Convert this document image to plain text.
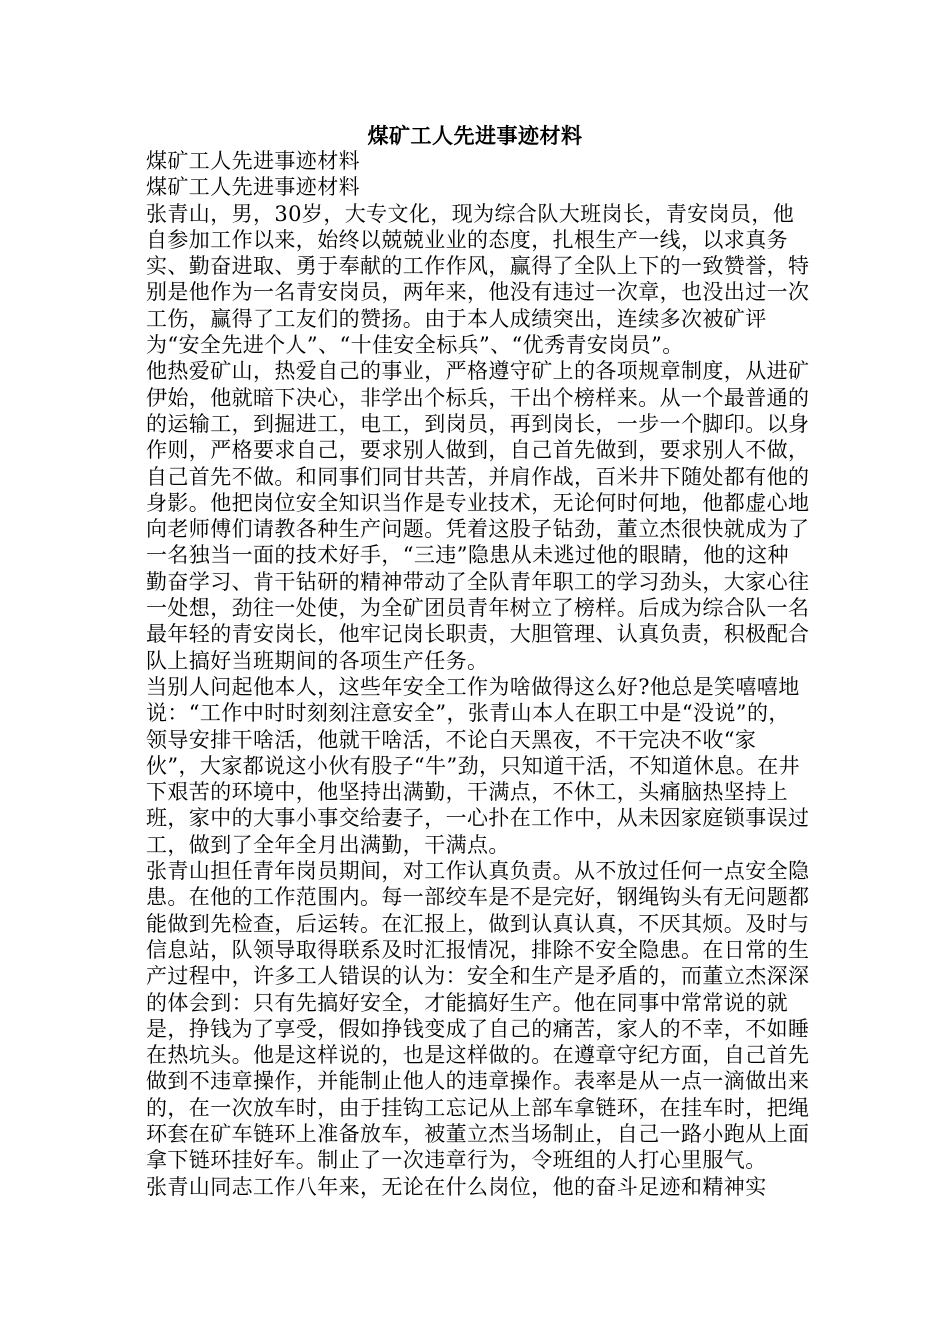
煤矿工人先进事迹材料

煤矿工人先进事迹材料

煤矿工人先进事迹材料

张青山，男，30岁，大专文化，现为综合队大班岗长，青安岗员，他自参加工作以来，始终以兢兢业业的态度，扎根生产一线，以求真务实、勤奋进取、勇于奉献的工作作风，赢得了全队上下的一致赞誉，特别是他作为一名青安岗员，两年来，他没有违过一次章，也没出过一次工伤，赢得了工友们的赞扬。由于本人成绩突出，连续多次被矿评为“安全先进个人”、“十佳安全标兵”、“优秀青安岗员”。

他热爱矿山，热爱自己的事业，严格遵守矿上的各项规章制度，从进矿伊始，他就暗下决心，非学出个标兵，干出个榜样来。从一个最普通的的运输工，到掘进工，电工，到岗员，再到岗长，一步一个脚印。以身作则，严格要求自己，要求别人做到，自己首先做到，要求别人不做，自己首先不做。和同事们同甘共苦，并肩作战，百米井下随处都有他的身影。他把岗位安全知识当作是专业技术，无论何时何地，他都虚心地向老师傅们请教各种生产问题。凭着这股子钻劲，董立杰很快就成为了一名独当一面的技术好手，“三违”隐患从未逃过他的眼睛，他的这种勤奋学习、肯干钻研的精神带动了全队青年职工的学习劲头，大家心往一处想，劲往一处使，为全矿团员青年树立了榜样。后成为综合队一名最年轻的青安岗长，他牢记岗长职责，大胆管理、认真负责，积极配合队上搞好当班期间的各项生产任务。

当别人问起他本人，这些年安全工作为啥做得这么好?他总是笑嘻嘻地说：“工作中时时刻刻注意安全”，张青山本人在职工中是“没说”的，领导安排干啥活，他就干啥活，不论白天黑夜，不干完决不收“家伙”，大家都说这小伙有股子“牛”劲，只知道干活，不知道休息。在井下艰苦的环境中，他坚持出满勤，干满点，不休工，头痛脑热坚持上班，家中的大事小事交给妻子，一心扑在工作中，从未因家庭锁事误过工，做到了全年全月出满勤，干满点。

张青山担任青年岗员期间，对工作认真负责。从不放过任何一点安全隐患。在他的工作范围内。每一部绞车是不是完好，钢绳钩头有无问题都能做到先检查，后运转。在汇报上，做到认真认真，不厌其烦。及时与信息站，队领导取得联系及时汇报情况，排除不安全隐患。在日常的生产过程中，许多工人错误的认为：安全和生产是矛盾的，而董立杰深深的体会到：只有先搞好安全，才能搞好生产。他在同事中常常说的就是，挣钱为了享受，假如挣钱变成了自己的痛苦，家人的不幸，不如睡在热坑头。他是这样说的，也是这样做的。在遵章守纪方面，自己首先做到不违章操作，并能制止他人的违章操作。表率是从一点一滴做出来的，在一次放车时，由于挂钩工忘记从上部车拿链环，在挂车时，把绳环套在矿车链环上准备放车，被董立杰当场制止，自己一路小跑从上面拿下链环挂好车。制止了一次违章行为，令班组的人打心里服气。

张青山同志工作八年来，无论在什么岗位，他的奋斗足迹和精神实
